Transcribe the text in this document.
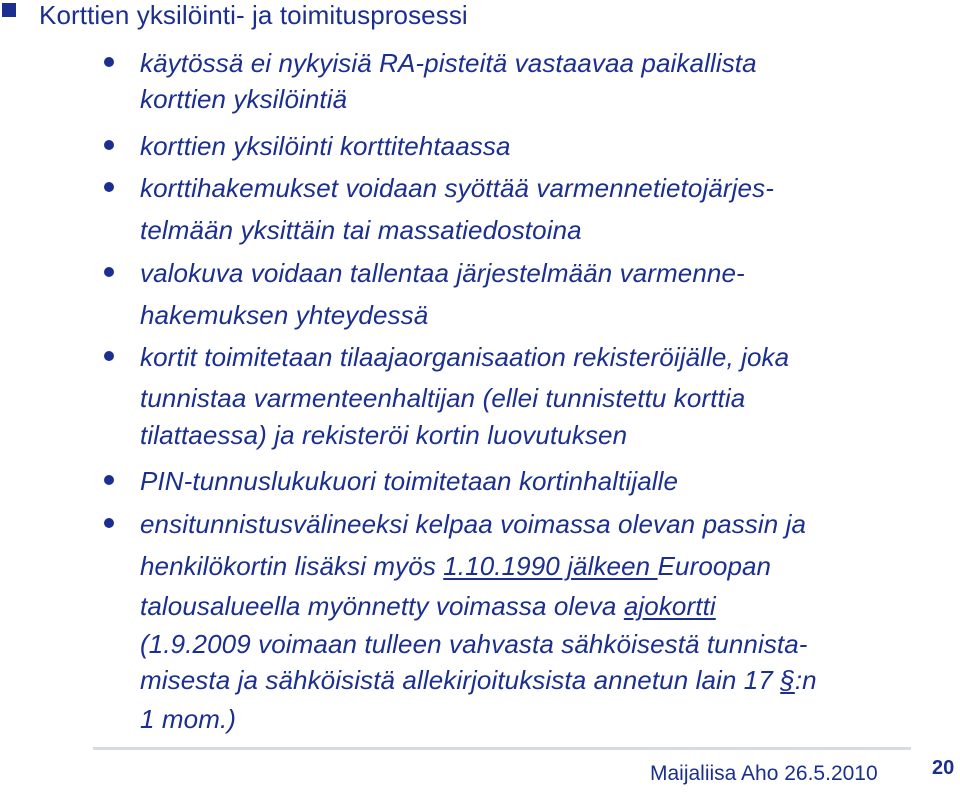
Korttien yksilöinti- ja toimitusprosessi
käytössä ei nykyisiä RA-pisteitä vastaavaa paikallista
korttien yksilöintiä
korttien yksilöinti korttitehtaassa
korttihakemukset voidaan syöttää varmennetietojärjes-
telmään yksittäin tai massatiedostoina
valokuva voidaan tallentaa järjestelmään varmenne-
hakemuksen yhteydessä
kortit toimitetaan tilaajaorganisaation rekisteröijälle, joka
tunnistaa varmenteenhaltijan (ellei tunnistettu korttia
tilattaessa) ja rekisteröi kortin luovutuksen
PIN-tunnuslukukuori toimitetaan kortinhaltijalle
ensitunnistusvälineeksi kelpaa voimassa olevan passin ja
henkilökortin lisäksi myös 1.10.1990 jälkeen Euroopan
talousalueella myönnetty voimassa oleva ajokortti
(1.9.2009 voimaan tulleen vahvasta sähköisestä tunnista-
misesta ja sähköisistä allekirjoituksista annetun lain 17 §:n
1 mom.)
Maijaliisa Aho 26.5.2010	20
